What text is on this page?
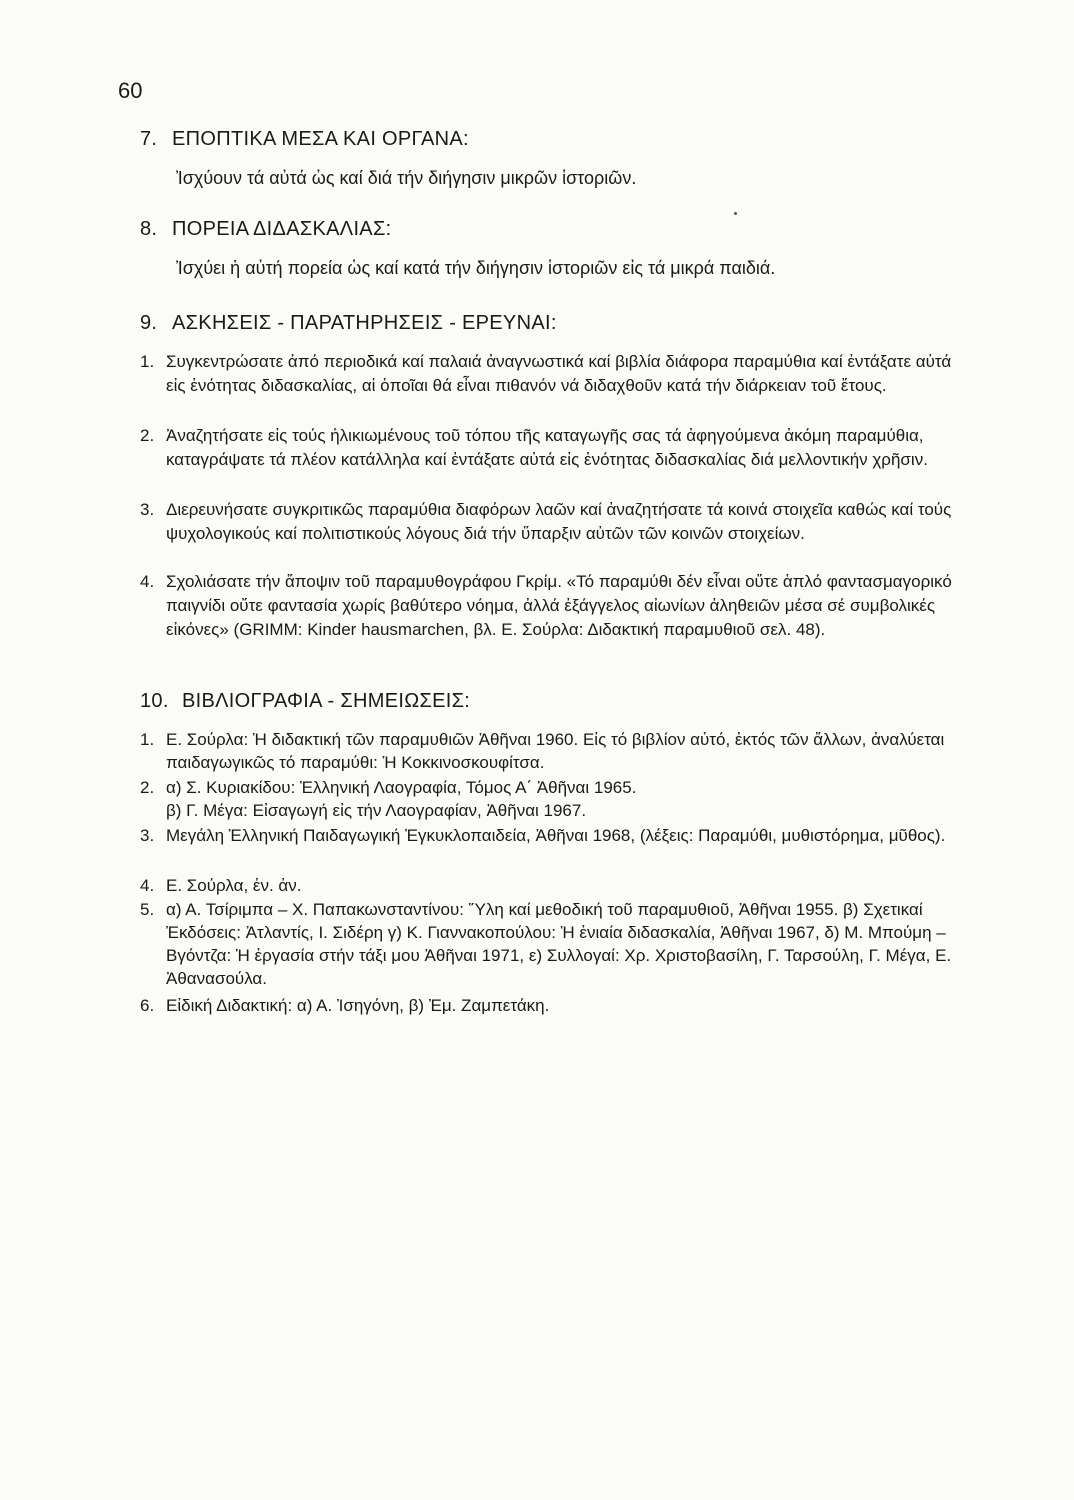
60
7. ΕΠΟΠΤΙΚΑ ΜΕΣΑ ΚΑΙ ΟΡΓΑΝΑ:
Ἰσχύουν τά αὐτά ὡς καί διά τήν διήγησιν μικρῶν ἱστοριῶν.
8. ΠΟΡΕΙΑ ΔΙΔΑΣΚΑΛΙΑΣ:
Ἰσχύει ἡ αὐτή πορεία ὡς καί κατά τήν διήγησιν ἱστοριῶν εἰς τά μικρά παιδιά.
9. ΑΣΚΗΣΕΙΣ - ΠΑΡΑΤΗΡΗΣΕΙΣ - ΕΡΕΥΝΑΙ:
1. Συγκεντρώσατε ἀπό περιοδικά καί παλαιά ἀναγνωστικά καί βιβλία διάφορα παραμύθια καί ἐντάξατε αὐτά εἰς ἑνότητας διδασκαλίας, αἱ ὁποῖαι θά εἶναι πιθανόν νά διδαχθοῦν κατά τήν διάρκειαν τοῦ ἔτους.
2. Ἀναζητήσατε εἰς τούς ἡλικιωμένους τοῦ τόπου τῆς καταγωγῆς σας τά ἀφηγούμενα ἀκόμη παραμύθια, καταγράψατε τά πλέον κατάλληλα καί ἐντάξατε αὐτά εἰς ἑνότητας διδασκαλίας διά μελλοντικήν χρῆσιν.
3. Διερευνήσατε συγκριτικῶς παραμύθια διαφόρων λαῶν καί ἀναζητήσατε τά κοινά στοιχεῖα καθώς καί τούς ψυχολογικούς καί πολιτιστικούς λόγους διά τήν ὕπαρξιν αὐτῶν τῶν κοινῶν στοιχείων.
4. Σχολιάσατε τήν ἄποψιν τοῦ παραμυθογράφου Γκρίμ. «Τό παραμύθι δέν εἶναι οὔτε ἁπλό φαντασμαγορικό παιγνίδι οὔτε φαντασία χωρίς βαθύτερο νόημα, ἀλλά ἐξάγγελος αἰωνίων ἀληθειῶν μέσα σέ συμβολικές εἰκόνες» (GRIMM: Kinder hausmarchen, βλ. Ε. Σούρλα: Διδακτική παραμυθιοῦ σελ. 48).
10. ΒΙΒΛΙΟΓΡΑΦΙΑ - ΣΗΜΕΙΩΣΕΙΣ:
1. Ε. Σούρλα: Ἡ διδακτική τῶν παραμυθιῶν Ἀθῆναι 1960. Εἰς τό βιβλίον αὐτό, ἐκτός τῶν ἄλλων, ἀναλύεται παιδαγωγικῶς τό παραμύθι: Ἡ Κοκκινοσκουφίτσα.
2. α) Σ. Κυριακίδου: Ἑλληνική Λαογραφία, Τόμος Α΄ Ἀθῆναι 1965.
β) Γ. Μέγα: Εἰσαγωγή εἰς τήν Λαογραφίαν, Ἀθῆναι 1967.
3. Μεγάλη Ἑλληνική Παιδαγωγική Ἐγκυκλοπαιδεία, Ἀθῆναι 1968, (λέξεις: Παραμύθι, μυθιστόρημα, μῦθος).
4. Ε. Σούρλα, ἐν. ἀν.
5. α) Α. Τσίριμπα – Χ. Παπακωνσταντίνου: Ὕλη καί μεθοδική τοῦ παραμυθιοῦ, Ἀθῆναι 1955. β) Σχετικαί Ἐκδόσεις: Ἀτλαντίς, Ι. Σιδέρη γ) Κ. Γιαννακοπούλου: Ἡ ἑνιαία διδασκαλία, Ἀθῆναι 1967, δ) Μ. Μπούμη – Βγόντζα: Ἡ ἐργασία στήν τάξι μου Ἀθῆναι 1971, ε) Συλλογαί: Χρ. Χριστοβασίλη, Γ. Ταρσούλη, Γ. Μέγα, Ε. Ἀθανασούλα.
6. Εἰδική Διδακτική: α) Α. Ἰσηγόνη, β) Ἐμ. Ζαμπετάκη.
